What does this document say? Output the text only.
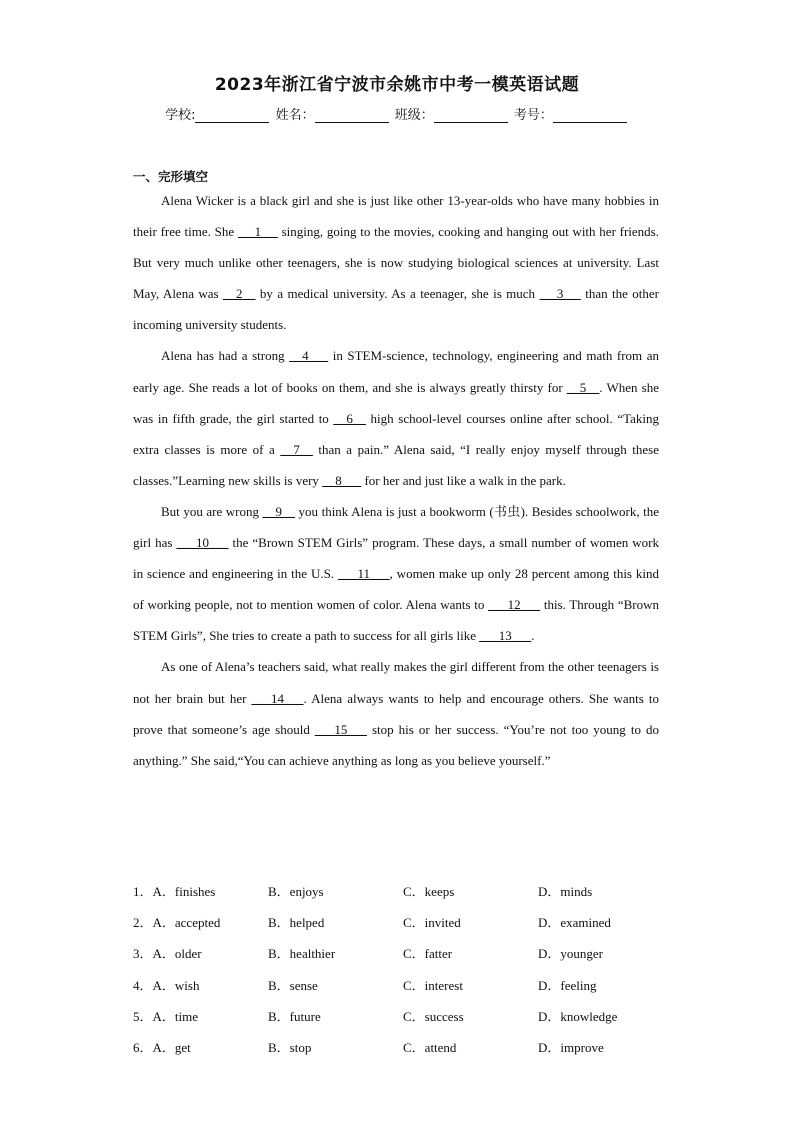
2023年浙江省宁波市余姚市中考一模英语试题
学校:	姓名：	班级：	考号：
一、完形填空

Alena Wicker is a black girl and she is just like other 13-year-olds who have many hobbies in their free time. She  __1__  singing, going to the movies, cooking and hanging out with her friends. But very much unlike other teenagers, she is now studying biological sciences at university. Last May, Alena was __2__ by a medical university. As a teenager, she is much  __3__  than the other incoming university students.

Alena has had a strong __4___ in STEM-science, technology, engineering and math from an early age. She reads a lot of books on them, and she is always greatly thirsty for __5__. When she was in fifth grade, the girl started to __6__ high school-level courses online after school. “Taking extra classes is more of a __7__ than a pain.” Alena said, “I really enjoy myself through these classes.”Learning new skills is very __8___ for her and just like a walk in the park.

But you are wrong __9__ you think Alena is just a bookworm (书虫). Besides schoolwork, the girl has ___10___ the “Brown STEM Girls” program. These days, a small number of women work in science and engineering in the U.S. ___11___, women make up only 28 percent among this kind of working people, not to mention women of color. Alena wants to ___12___ this. Through “Brown STEM Girls”, She tries to create a path to success for all girls like ___13___.

As one of Alena’s teachers said, what really makes the girl different from the other teenagers is not her brain but her ___14___. Alena always wants to help and encourage others. She wants to prove that someone’s age should ___15___ stop his or her success. “You’re not too young to do anything.” She said,“You can achieve anything as long as you believe yourself.”

1．A．finishes	B．enjoys	C．keeps	D．minds
2．A．accepted	B．helped	C．invited	D．examined
3．A．older	B．healthier	C．fatter	D．younger
4．A．wish	B．sense	C．interest	D．feeling
5．A．time	B．future	C．success	D．knowledge
6．A．get	B．stop	C．attend	D．improve
